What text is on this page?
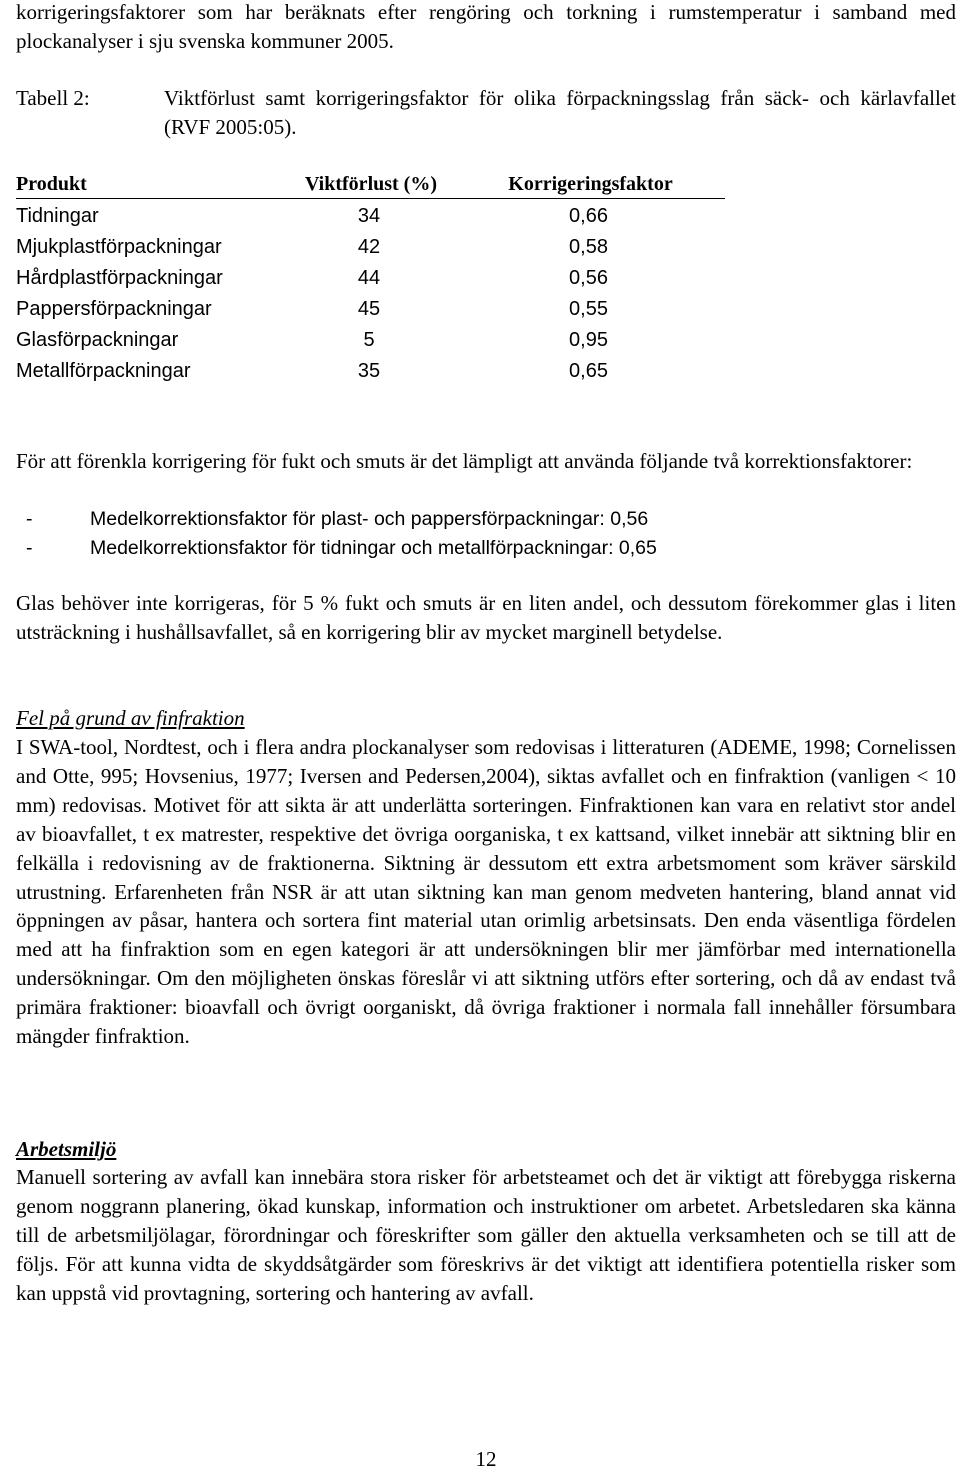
korrigeringsfaktorer som har beräknats efter rengöring och torkning i rumstemperatur i samband med plockanalyser i sju svenska kommuner 2005.

Tabell 2:	Viktförlust samt korrigeringsfaktor för olika förpackningsslag från säck- och kärlavfallet (RVF 2005:05).
Produkt	Viktförlust (%)	Korrigeringsfaktor
Tidningar	34	0,66
Mjukplastförpackningar	42	0,58
Hårdplastförpackningar	44	0,56
Pappersförpackningar	45	0,55
Glasförpackningar	5	0,95
Metallförpackningar	35	0,65

För att förenkla korrigering för fukt och smuts är det lämpligt att använda följande två korrektionsfaktorer:

-	Medelkorrektionsfaktor för plast- och pappersförpackningar: 0,56
-	Medelkorrektionsfaktor för tidningar och metallförpackningar: 0,65

Glas behöver inte korrigeras, för 5 % fukt och smuts är en liten andel, och dessutom förekommer glas i liten utsträckning i hushållsavfallet, så en korrigering blir av mycket marginell betydelse.

Fel på grund av finfraktion

I SWA-tool, Nordtest, och i flera andra plockanalyser som redovisas i litteraturen (ADEME, 1998; Cornelissen and Otte, 995; Hovsenius, 1977; Iversen and Pedersen,2004), siktas avfallet och en finfraktion (vanligen < 10 mm) redovisas. Motivet för att sikta är att underlätta sorteringen. Finfraktionen kan vara en relativt stor andel av bioavfallet, t ex matrester, respektive det övriga oorganiska, t ex kattsand, vilket innebär att siktning blir en felkälla i redovisning av de fraktionerna. Siktning är dessutom ett extra arbetsmoment som kräver särskild utrustning. Erfarenheten från NSR är att utan siktning kan man genom medveten hantering, bland annat vid öppningen av påsar, hantera och sortera fint material utan orimlig arbetsinsats. Den enda väsentliga fördelen med att ha finfraktion som en egen kategori är att undersökningen blir mer jämförbar med internationella undersökningar. Om den möjligheten önskas föreslår vi att siktning utförs efter sortering, och då av endast två primära fraktioner: bioavfall och övrigt oorganiskt, då övriga fraktioner i normala fall innehåller försumbara mängder finfraktion.

Arbetsmiljö

Manuell sortering av avfall kan innebära stora risker för arbetsteamet och det är viktigt att förebygga riskerna genom noggrann planering, ökad kunskap, information och instruktioner om arbetet. Arbetsledaren ska känna till de arbetsmiljölagar, förordningar och föreskrifter som gäller den aktuella verksamheten och se till att de följs. För att kunna vidta de skyddsåtgärder som föreskrivs är det viktigt att identifiera potentiella risker som kan uppstå vid provtagning, sortering och hantering av avfall.

12
